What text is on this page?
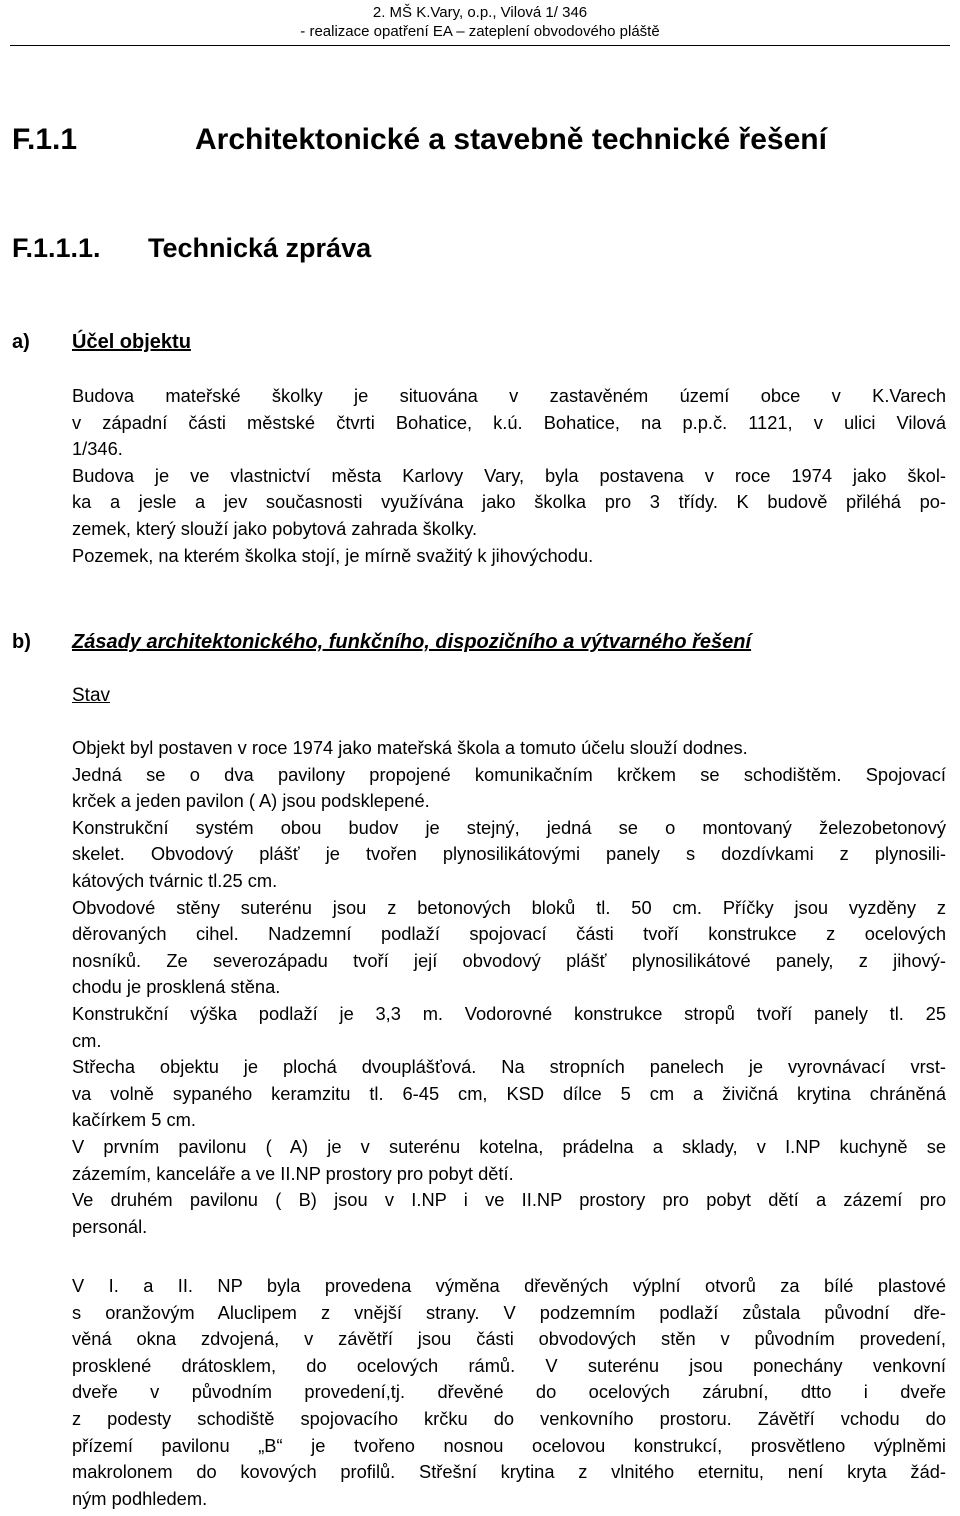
2. MŠ K.Vary, o.p., Vilová 1/ 346
- realizace opatření EA – zateplení obvodového pláště
F.1.1	Architektonické a stavebně technické řešení
F.1.1.1. Technická zpráva
a) Účel objektu
Budova mateřské školky je situována v zastavěném území obce v K.Varech
v západní části městské čtvrti Bohatice, k.ú. Bohatice, na p.p.č. 1121, v ulici Vilová
1/346.
Budova je ve vlastnictví města Karlovy Vary, byla postavena v roce 1974 jako škol-
ka a jesle a jev současnosti využívána jako školka pro 3 třídy. K budově přiléhá po-
zemek, který slouží jako pobytová zahrada školky.
Pozemek, na kterém školka stojí, je mírně svažitý k jihovýchodu.
b) Zásady architektonického, funkčního, dispozičního a výtvarného řešení
Stav
Objekt byl postaven v roce 1974 jako mateřská škola a tomuto účelu slouží dodnes.
Jedná se o dva pavilony propojené komunikačním krčkem se schodištěm. Spojovací
krček a jeden pavilon ( A) jsou podsklepené.
Konstrukční systém obou budov je stejný, jedná se o montovaný železobetonový
skelet. Obvodový plášť je tvořen plynosilikátovými panely s dozdívkami z plynosili-
kátových tvárnic tl.25 cm.
Obvodové stěny suterénu jsou z betonových bloků tl. 50 cm. Příčky jsou vyzděny z
děrovaných cihel. Nadzemní podlaží spojovací části tvoří konstrukce z ocelových
nosníků. Ze severozápadu tvoří její obvodový plášť plynosilikátové panely, z jihový-
chodu je prosklená stěna.
Konstrukční výška podlaží je 3,3 m. Vodorovné konstrukce stropů tvoří panely tl. 25
cm.
Střecha objektu je plochá dvouplášťová. Na stropních panelech je vyrovnávací vrst-
va volně sypaného keramzitu tl. 6-45 cm, KSD dílce 5 cm a živičná krytina chráněná
kačírkem 5 cm.
V prvním pavilonu ( A) je v suterénu kotelna, prádelna a sklady, v I.NP kuchyně se
zázemím, kanceláře a ve II.NP prostory pro pobyt dětí.
Ve druhém pavilonu ( B) jsou v I.NP i ve II.NP prostory pro pobyt dětí a zázemí pro
personál.
V I. a II. NP byla provedena výměna dřevěných výplní otvorů za bílé plastové
s oranžovým Aluclipem z vnější strany. V podzemním podlaží zůstala původní dře-
věná okna zdvojená, v závětří jsou části obvodových stěn v původním provedení,
prosklené drátosklem, do ocelových rámů. V suterénu jsou ponechány venkovní
dveře v původním provedení,tj. dřevěné do ocelových zárubní, dtto i dveře
z podesty schodiště spojovacího krčku do venkovního prostoru. Závětří vchodu do
přízemí pavilonu „B“ je tvořeno nosnou ocelovou konstrukcí, prosvětleno výplněmi
makrolonem do kovových profilů. Střešní krytina z vlnitého eternitu, není kryta žád-
ným podhledem.
